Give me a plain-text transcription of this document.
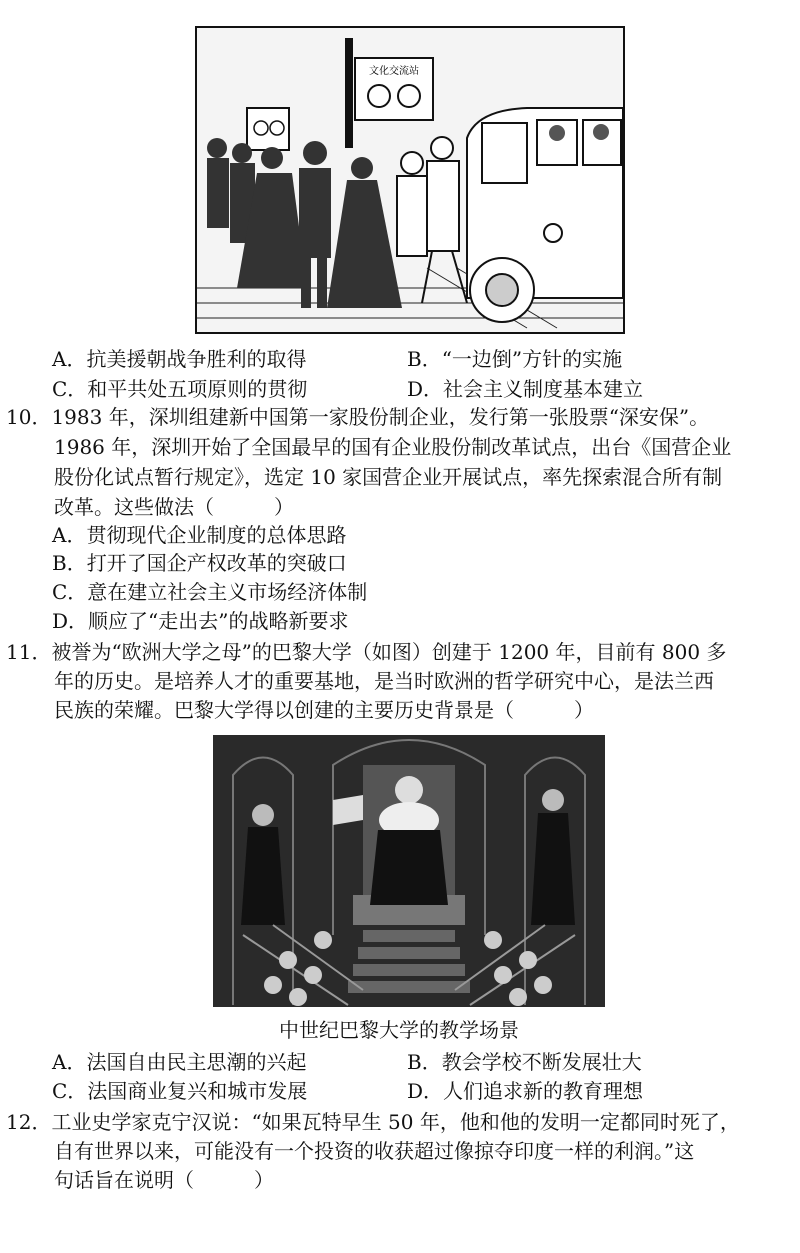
文化交流站
A．抗美援朝战争胜利的取得	B．“一边倒”方针的实施
C．和平共处五项原则的贯彻	D．社会主义制度基本建立
10．1983 年，深圳组建新中国第一家股份制企业，发行第一张股票“深安保”。
1986 年，深圳开始了全国最早的国有企业股份制改革试点，出台《国营企业
股份化试点暂行规定》，选定 10 家国营企业开展试点，率先探索混合所有制
改革。这些做法（　　　）
A．贯彻现代企业制度的总体思路
B．打开了国企产权改革的突破口
C．意在建立社会主义市场经济体制
D．顺应了“走出去”的战略新要求
11．被誉为“欧洲大学之母”的巴黎大学（如图）创建于 1200 年，目前有 800 多
年的历史。是培养人才的重要基地，是当时欧洲的哲学研究中心，是法兰西
民族的荣耀。巴黎大学得以创建的主要历史背景是（　　　）
中世纪巴黎大学的教学场景
A．法国自由民主思潮的兴起	B．教会学校不断发展壮大
C．法国商业复兴和城市发展	D．人们追求新的教育理想
12．工业史学家克宁汉说：“如果瓦特早生 50 年，他和他的发明一定都同时死了，
自有世界以来，可能没有一个投资的收获超过像掠夺印度一样的利润。”这
句话旨在说明（　　　）
